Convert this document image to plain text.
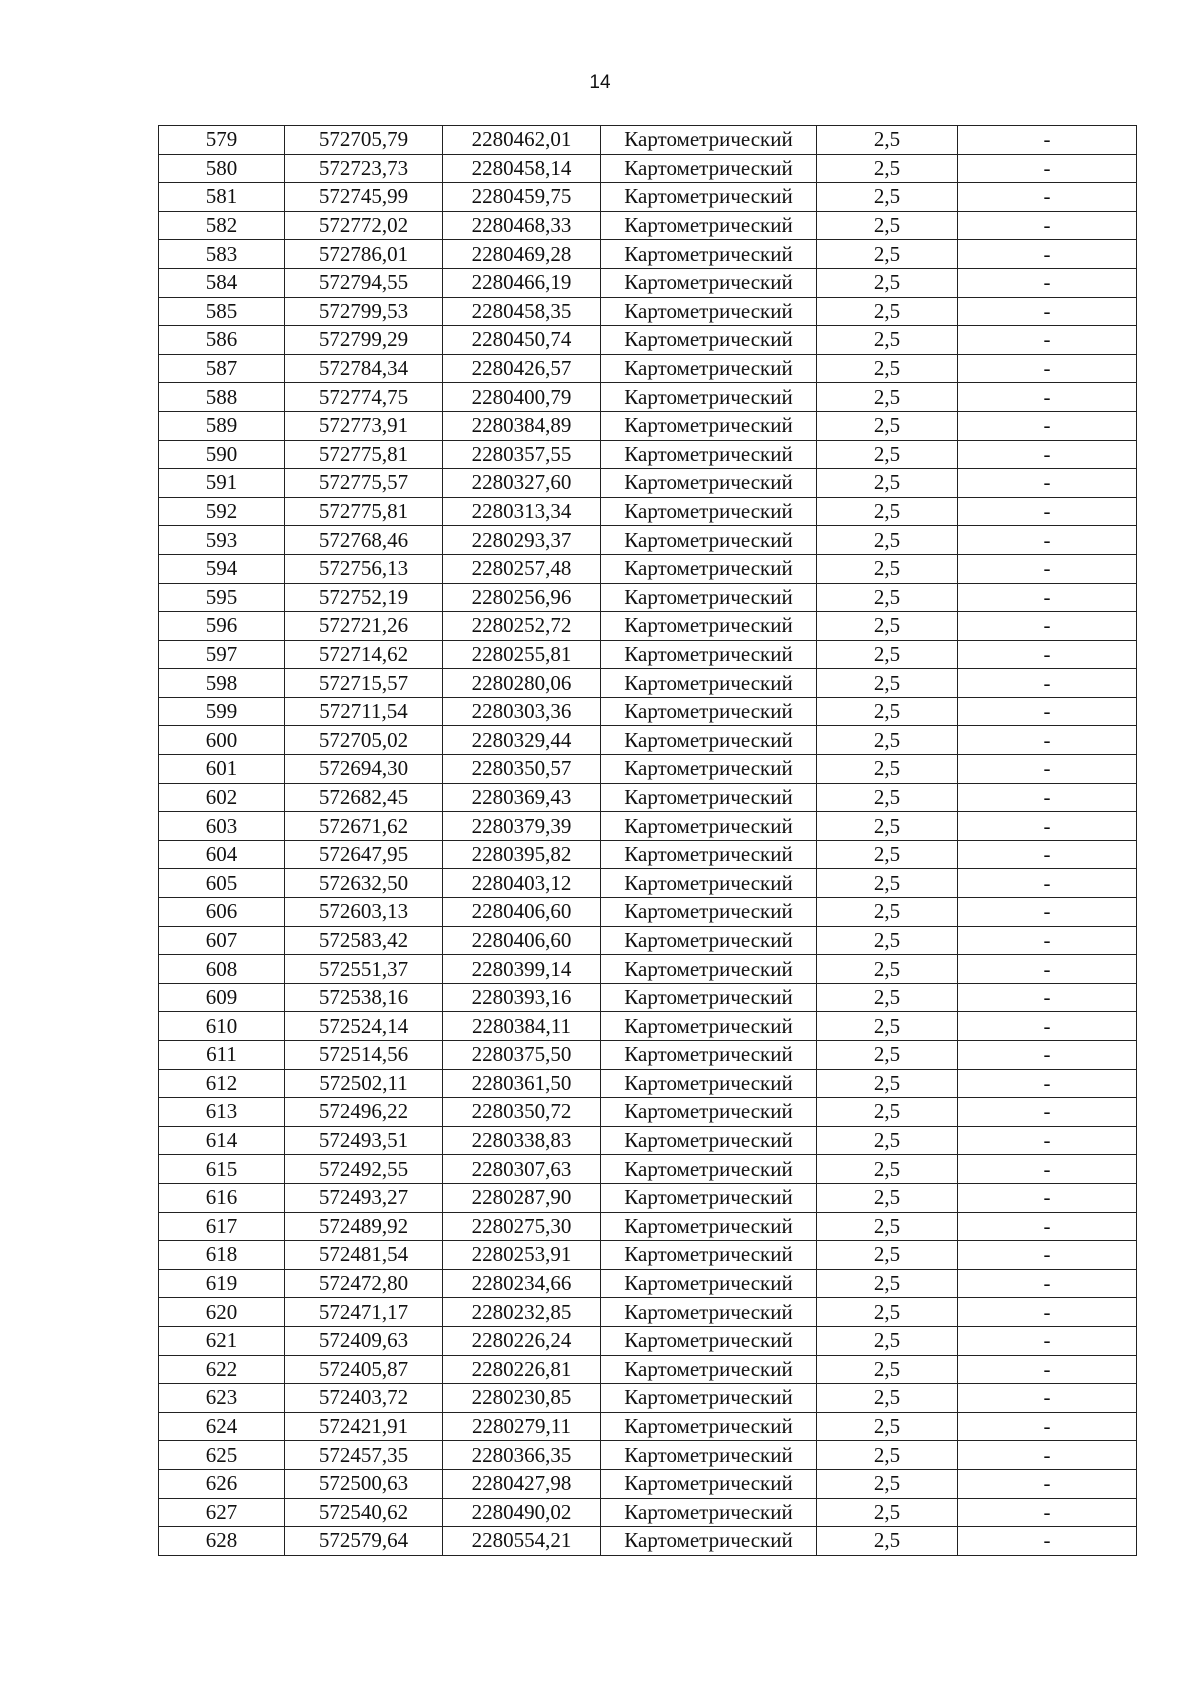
14
579	572705,79	2280462,01	Картометрический	2,5	-
580	572723,73	2280458,14	Картометрический	2,5	-
581	572745,99	2280459,75	Картометрический	2,5	-
582	572772,02	2280468,33	Картометрический	2,5	-
583	572786,01	2280469,28	Картометрический	2,5	-
584	572794,55	2280466,19	Картометрический	2,5	-
585	572799,53	2280458,35	Картометрический	2,5	-
586	572799,29	2280450,74	Картометрический	2,5	-
587	572784,34	2280426,57	Картометрический	2,5	-
588	572774,75	2280400,79	Картометрический	2,5	-
589	572773,91	2280384,89	Картометрический	2,5	-
590	572775,81	2280357,55	Картометрический	2,5	-
591	572775,57	2280327,60	Картометрический	2,5	-
592	572775,81	2280313,34	Картометрический	2,5	-
593	572768,46	2280293,37	Картометрический	2,5	-
594	572756,13	2280257,48	Картометрический	2,5	-
595	572752,19	2280256,96	Картометрический	2,5	-
596	572721,26	2280252,72	Картометрический	2,5	-
597	572714,62	2280255,81	Картометрический	2,5	-
598	572715,57	2280280,06	Картометрический	2,5	-
599	572711,54	2280303,36	Картометрический	2,5	-
600	572705,02	2280329,44	Картометрический	2,5	-
601	572694,30	2280350,57	Картометрический	2,5	-
602	572682,45	2280369,43	Картометрический	2,5	-
603	572671,62	2280379,39	Картометрический	2,5	-
604	572647,95	2280395,82	Картометрический	2,5	-
605	572632,50	2280403,12	Картометрический	2,5	-
606	572603,13	2280406,60	Картометрический	2,5	-
607	572583,42	2280406,60	Картометрический	2,5	-
608	572551,37	2280399,14	Картометрический	2,5	-
609	572538,16	2280393,16	Картометрический	2,5	-
610	572524,14	2280384,11	Картометрический	2,5	-
611	572514,56	2280375,50	Картометрический	2,5	-
612	572502,11	2280361,50	Картометрический	2,5	-
613	572496,22	2280350,72	Картометрический	2,5	-
614	572493,51	2280338,83	Картометрический	2,5	-
615	572492,55	2280307,63	Картометрический	2,5	-
616	572493,27	2280287,90	Картометрический	2,5	-
617	572489,92	2280275,30	Картометрический	2,5	-
618	572481,54	2280253,91	Картометрический	2,5	-
619	572472,80	2280234,66	Картометрический	2,5	-
620	572471,17	2280232,85	Картометрический	2,5	-
621	572409,63	2280226,24	Картометрический	2,5	-
622	572405,87	2280226,81	Картометрический	2,5	-
623	572403,72	2280230,85	Картометрический	2,5	-
624	572421,91	2280279,11	Картометрический	2,5	-
625	572457,35	2280366,35	Картометрический	2,5	-
626	572500,63	2280427,98	Картометрический	2,5	-
627	572540,62	2280490,02	Картометрический	2,5	-
628	572579,64	2280554,21	Картометрический	2,5	-
